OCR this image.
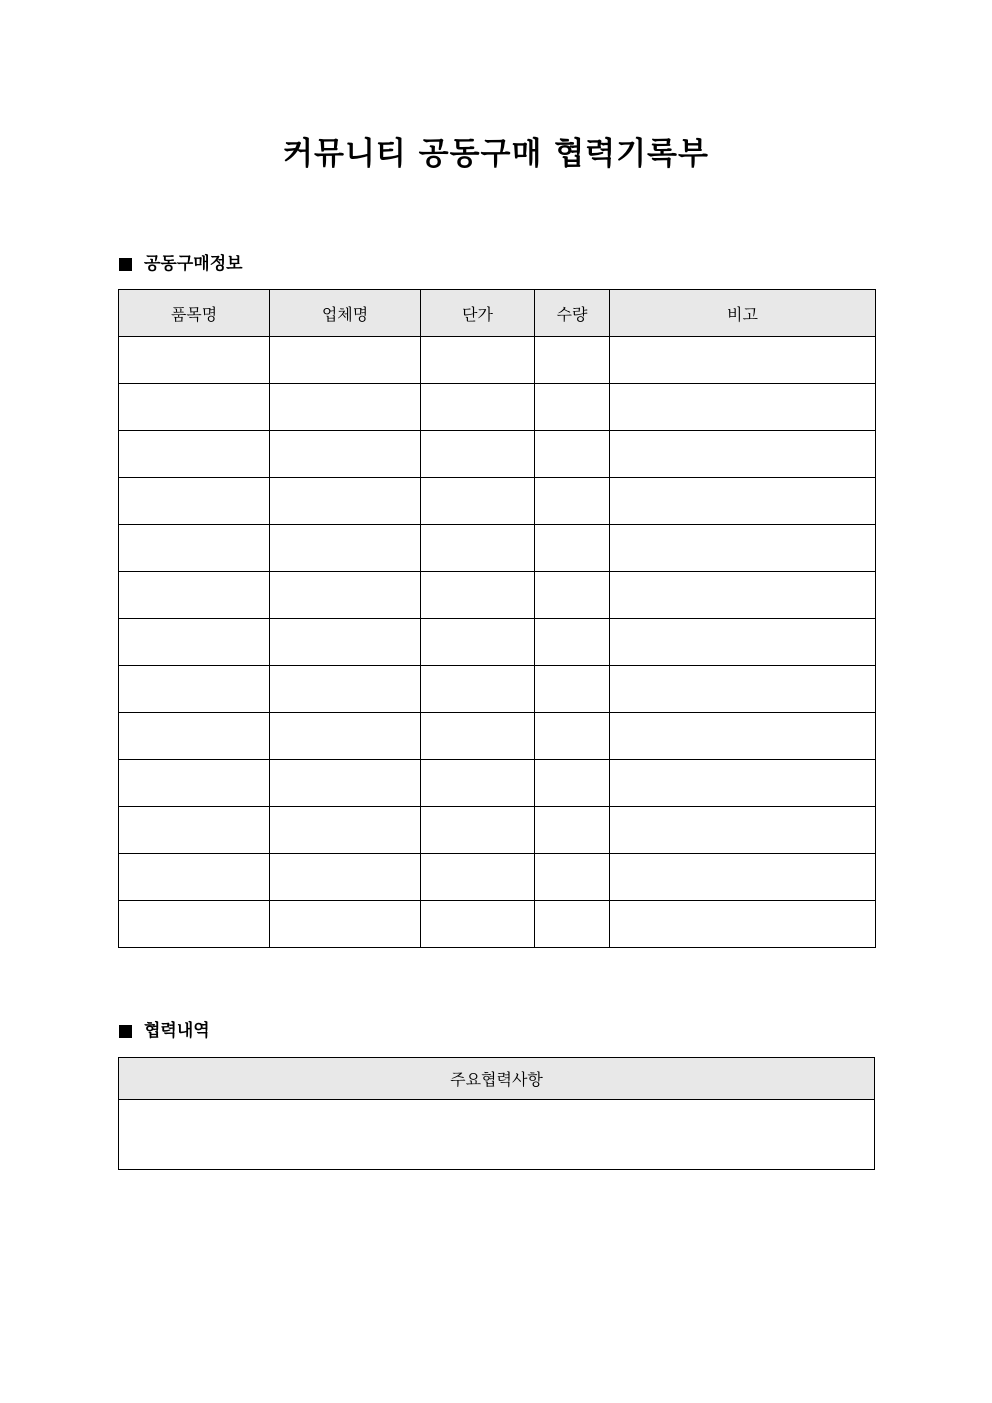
커뮤니티 공동구매 협력기록부
공동구매정보
품목명	업체명	단가	수량	비고

협력내역
주요협력사항
